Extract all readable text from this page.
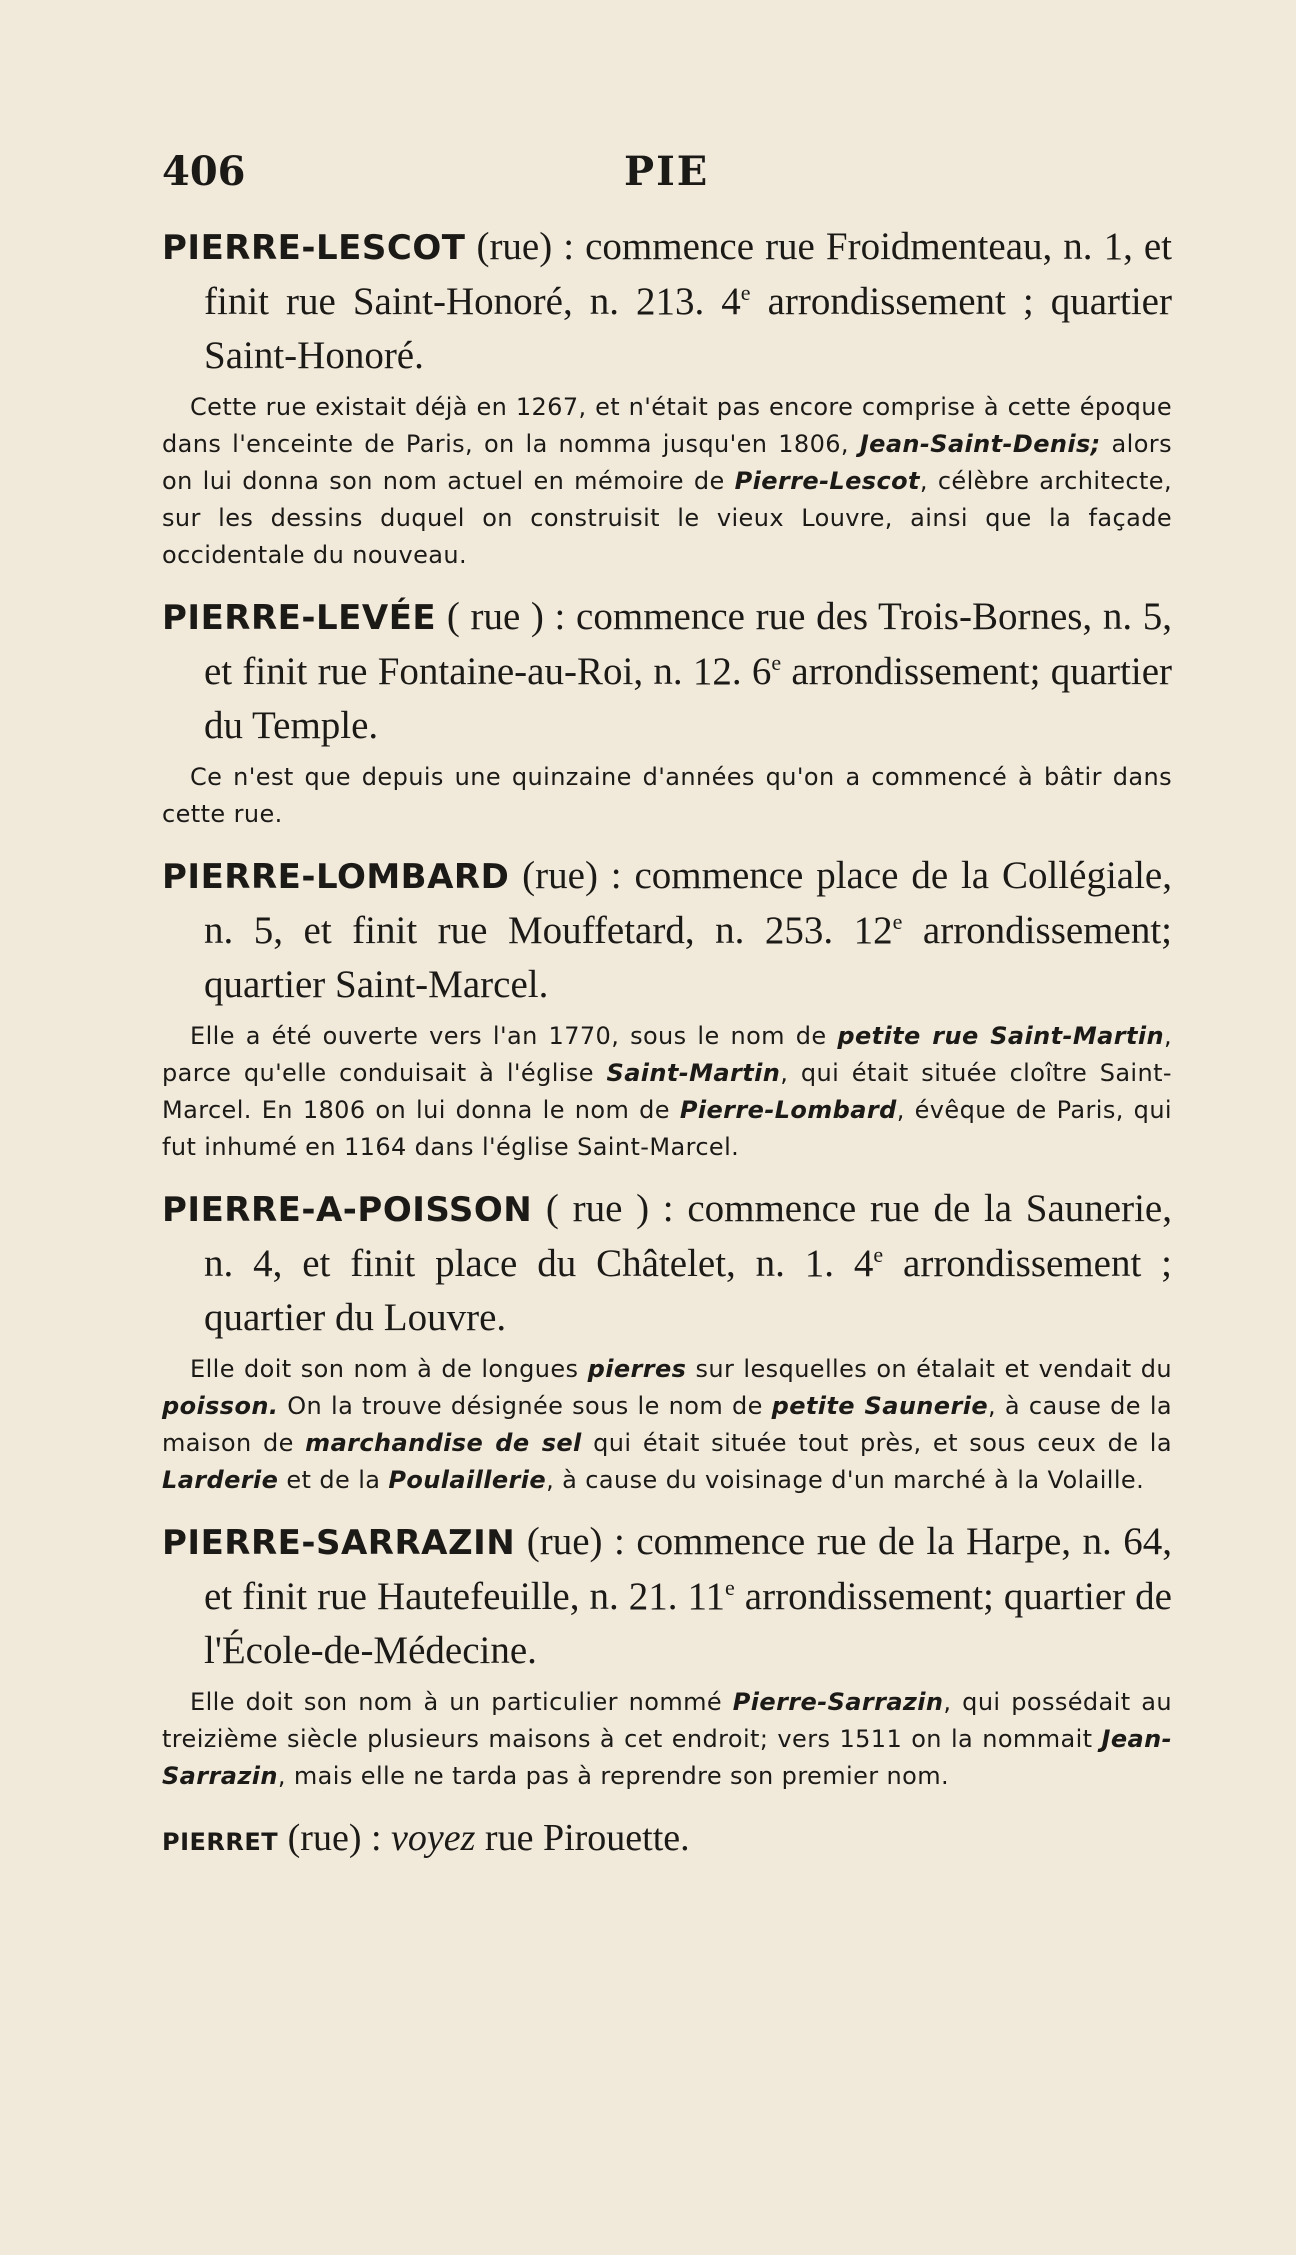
406	PIE

PIERRE-LESCOT (rue) : commence rue Froidmenteau, n. 1, et finit rue Saint-Honoré, n. 213. 4e arrondissement ; quartier Saint-Honoré.

Cette rue existait déjà en 1267, et n'était pas encore comprise à cette époque dans l'enceinte de Paris, on la nomma jusqu'en 1806, Jean-Saint-Denis; alors on lui donna son nom actuel en mémoire de Pierre-Lescot, célèbre architecte, sur les dessins duquel on construisit le vieux Louvre, ainsi que la façade occidentale du nouveau.

PIERRE-LEVÉE ( rue ) : commence rue des Trois-Bornes, n. 5, et finit rue Fontaine-au-Roi, n. 12. 6e arrondissement; quartier du Temple.

Ce n'est que depuis une quinzaine d'années qu'on a commencé à bâtir dans cette rue.

PIERRE-LOMBARD (rue) : commence place de la Collégiale, n. 5, et finit rue Mouffetard, n. 253. 12e arrondissement; quartier Saint-Marcel.

Elle a été ouverte vers l'an 1770, sous le nom de petite rue Saint-Martin, parce qu'elle conduisait à l'église Saint-Martin, qui était située cloître Saint-Marcel. En 1806 on lui donna le nom de Pierre-Lombard, évêque de Paris, qui fut inhumé en 1164 dans l'église Saint-Marcel.

PIERRE-A-POISSON ( rue ) : commence rue de la Saunerie, n. 4, et finit place du Châtelet, n. 1. 4e arrondissement ; quartier du Louvre.

Elle doit son nom à de longues pierres sur lesquelles on étalait et vendait du poisson. On la trouve désignée sous le nom de petite Saunerie, à cause de la maison de marchandise de sel qui était située tout près, et sous ceux de la Larderie et de la Poulaillerie, à cause du voisinage d'un marché à la Volaille.

PIERRE-SARRAZIN (rue) : commence rue de la Harpe, n. 64, et finit rue Hautefeuille, n. 21. 11e arrondissement; quartier de l'École-de-Médecine.

Elle doit son nom à un particulier nommé Pierre-Sarrazin, qui possédait au treizième siècle plusieurs maisons à cet endroit; vers 1511 on la nommait Jean-Sarrazin, mais elle ne tarda pas à reprendre son premier nom.

PIERRET (rue) : voyez rue Pirouette.
